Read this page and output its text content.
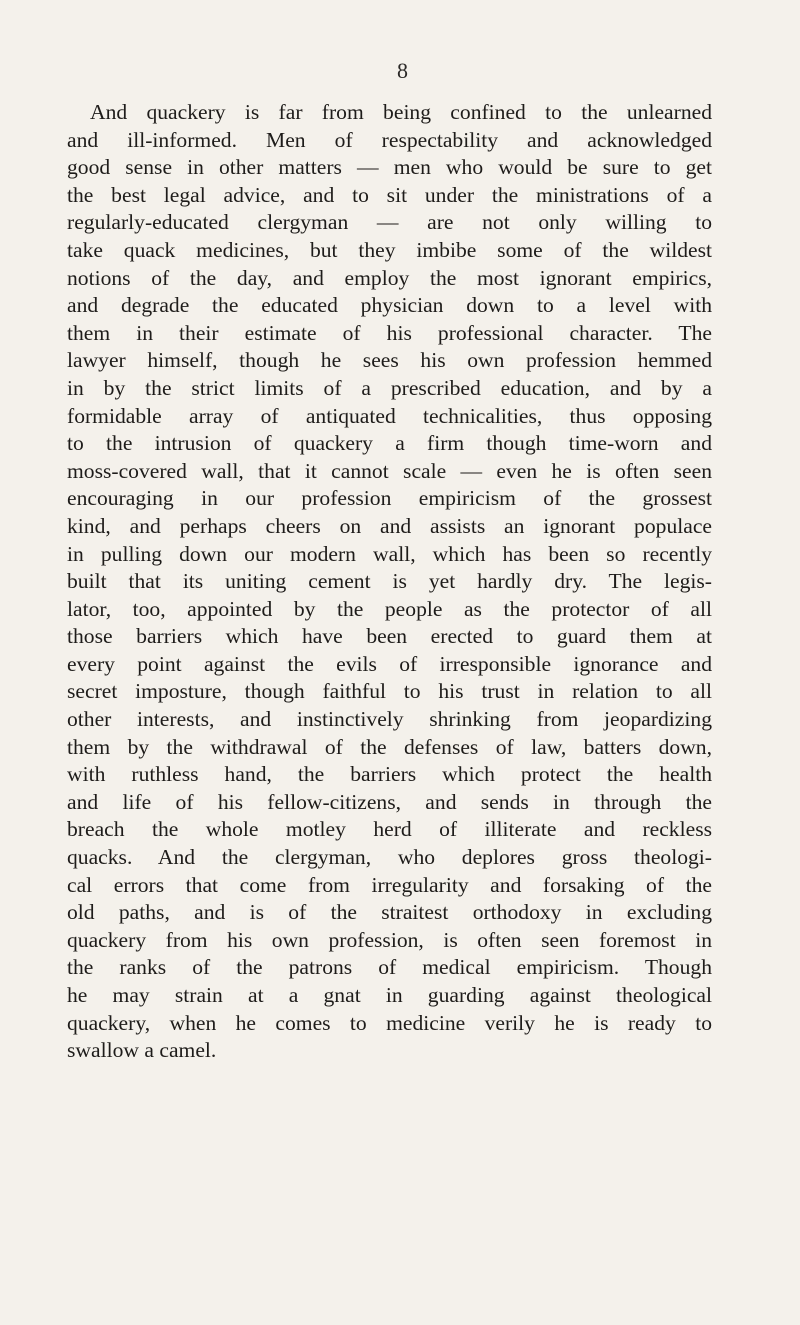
8
And quackery is far from being confined to the unlearned
and ill-informed. Men of respectability and acknowledged
good sense in other matters — men who would be sure to get
the best legal advice, and to sit under the ministrations of a
regularly-educated clergyman — are not only willing to
take quack medicines, but they imbibe some of the wildest
notions of the day, and employ the most ignorant empirics,
and degrade the educated physician down to a level with
them in their estimate of his professional character. The
lawyer himself, though he sees his own profession hemmed
in by the strict limits of a prescribed education, and by a
formidable array of antiquated technicalities, thus opposing
to the intrusion of quackery a firm though time-worn and
moss-covered wall, that it cannot scale — even he is often seen
encouraging in our profession empiricism of the grossest
kind, and perhaps cheers on and assists an ignorant populace
in pulling down our modern wall, which has been so recently
built that its uniting cement is yet hardly dry. The legis-
lator, too, appointed by the people as the protector of all
those barriers which have been erected to guard them at
every point against the evils of irresponsible ignorance and
secret imposture, though faithful to his trust in relation to all
other interests, and instinctively shrinking from jeopardizing
them by the withdrawal of the defenses of law, batters down,
with ruthless hand, the barriers which protect the health
and life of his fellow-citizens, and sends in through the
breach the whole motley herd of illiterate and reckless
quacks. And the clergyman, who deplores gross theologi-
cal errors that come from irregularity and forsaking of the
old paths, and is of the straitest orthodoxy in excluding
quackery from his own profession, is often seen foremost in
the ranks of the patrons of medical empiricism. Though
he may strain at a gnat in guarding against theological
quackery, when he comes to medicine verily he is ready to
swallow a camel.
